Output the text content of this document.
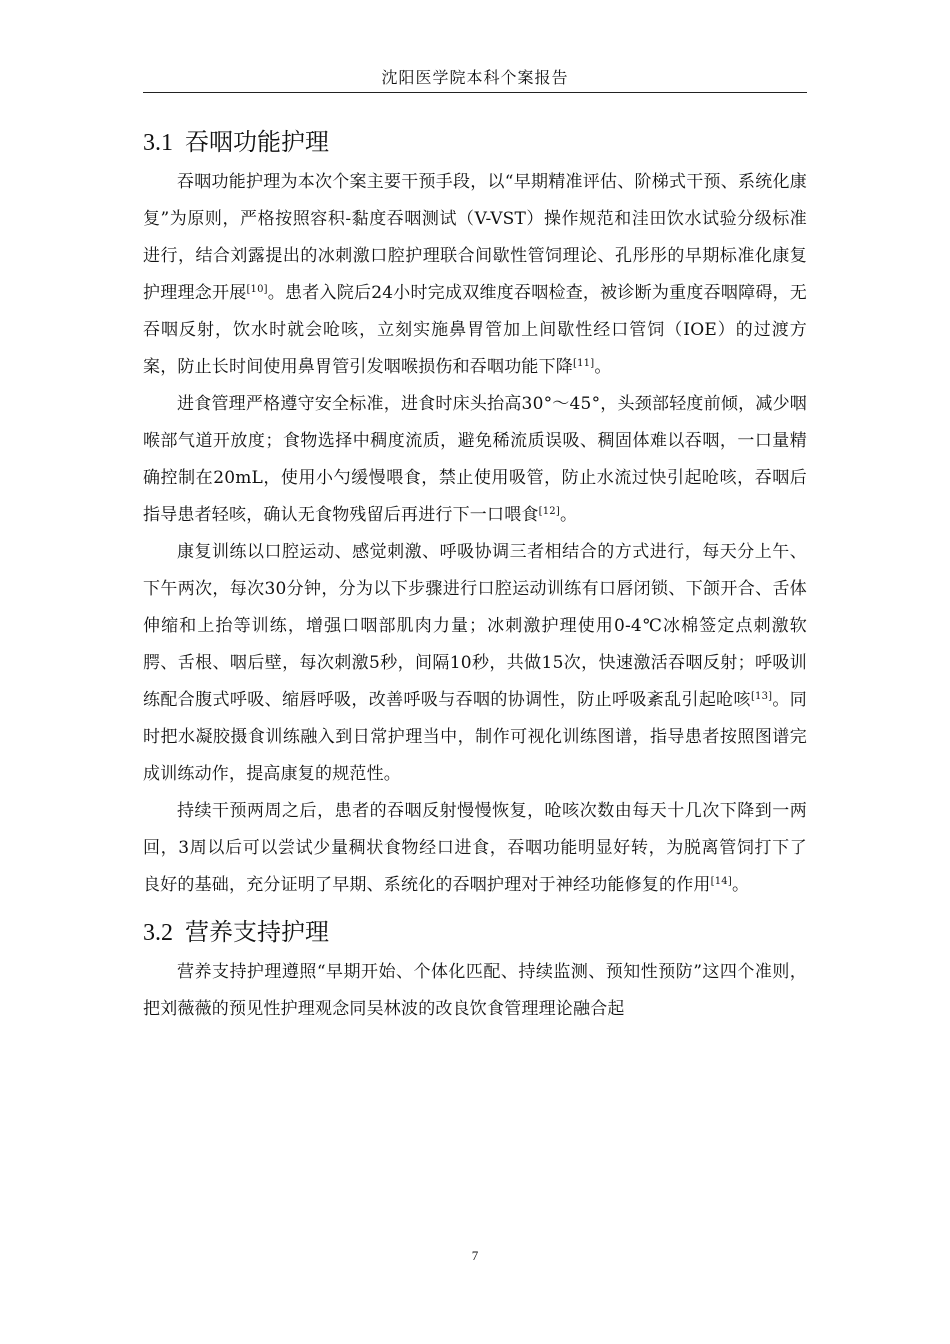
沈阳医学院本科个案报告
3.1 吞咽功能护理

吞咽功能护理为本次个案主要干预手段，以“早期精准评估、阶梯式干预、系统化康复”为原则，严格按照容积-黏度吞咽测试（V-VST）操作规范和洼田饮水试验分级标准进行，结合刘露提出的冰刺激口腔护理联合间歇性管饲理论、孔彤彤的早期标准化康复护理理念开展[10]。患者入院后24小时完成双维度吞咽检查，被诊断为重度吞咽障碍，无吞咽反射，饮水时就会呛咳，立刻实施鼻胃管加上间歇性经口管饲（IOE）的过渡方案，防止长时间使用鼻胃管引发咽喉损伤和吞咽功能下降[11]。

进食管理严格遵守安全标准，进食时床头抬高30°～45°，头颈部轻度前倾，减少咽喉部气道开放度；食物选择中稠度流质，避免稀流质误吸、稠固体难以吞咽，一口量精确控制在20mL，使用小勺缓慢喂食，禁止使用吸管，防止水流过快引起呛咳，吞咽后指导患者轻咳，确认无食物残留后再进行下一口喂食[12]。

康复训练以口腔运动、感觉刺激、呼吸协调三者相结合的方式进行，每天分上午、下午两次，每次30分钟，分为以下步骤进行口腔运动训练有口唇闭锁、下颌开合、舌体伸缩和上抬等训练，增强口咽部肌肉力量；冰刺激护理使用0-4℃冰棉签定点刺激软腭、舌根、咽后壁，每次刺激5秒，间隔10秒，共做15次，快速激活吞咽反射；呼吸训练配合腹式呼吸、缩唇呼吸，改善呼吸与吞咽的协调性，防止呼吸紊乱引起呛咳[13]。同时把水凝胶摄食训练融入到日常护理当中，制作可视化训练图谱，指导患者按照图谱完成训练动作，提高康复的规范性。

持续干预两周之后，患者的吞咽反射慢慢恢复，呛咳次数由每天十几次下降到一两回，3周以后可以尝试少量稠状食物经口进食，吞咽功能明显好转，为脱离管饲打下了良好的基础，充分证明了早期、系统化的吞咽护理对于神经功能修复的作用[14]。

3.2 营养支持护理

营养支持护理遵照“早期开始、个体化匹配、持续监测、预知性预防”这四个准则，把刘薇薇的预见性护理观念同吴林波的改良饮食管理理论融合起

7
